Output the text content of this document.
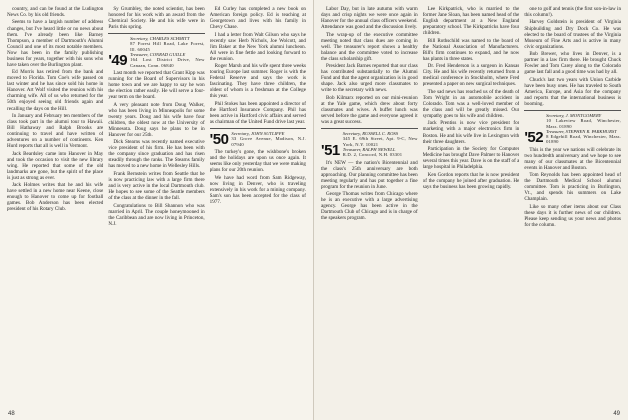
country, and can be found at the Ludington News Co. by his old friends.

Seems to have a largish number of address changes, but I've heard little or no news about them. I've already been like Barney Thompson, a member of Dartmouth's Alumni Council and one of its most notable members. Now has been in the family publishing business for years, together with his sons who have taken over the Burlington plant.

Ed Morris has retired from the bank and moved to Florida. Tom Coe's wife passed on last winter and he has since sold his home in Hanover. Art Wolf visited the reunion with his charming wife. All of us who returned for the 50th enjoyed seeing old friends again and recalling the days on the Hill.

In January and February ten members of the class took part in the alumni tour to Hawaii. Bill Hathaway and Ralph Brooks are continuing to travel and have written of adventures on a number of continents. Ken Hurd reports that all is well in Vermont.

Jack Beardsley came into Hanover in May and took the occasion to visit the new library wing. He reported that some of the old landmarks are gone, but the spirit of the place is just as strong as ever.

Jack Holmes writes that he and his wife have settled in a new home near Keene, close enough to Hanover to come up for football games. Bob Anderson has been elected president of his Rotary Club.

Sy Grumbley, the noted scientist, has been honored for his work with an award from the Chemical Society. He and his wife were in Paris this spring.

'49
Secretary, CHARLES SCHMITT
87 Forest Hill Road, Lake Forest, Ill. 60045
Treasurer, CONRAD GUILLE
164 Lost District Drive, New Canaan, Conn. 06840

Last month we reported that Grant Kipp was running for the Board of Supervisors in his home town and we are happy to say he won the election rather easily. He will serve a four-year term on the board.

A very pleasant note from Doug Walker, who has been living in Minneapolis for some twenty years. Doug and his wife have four children, the oldest now at the University of Minnesota. Doug says he plans to be in Hanover for our 25th.

Dick Stearns was recently named executive vice president of his firm. He has been with the company since graduation and has risen steadily through the ranks. The Stearns family has moved to a new home in Wellesley Hills.

Frank Bernstein writes from Seattle that he is now practicing law with a large firm there and is very active in the local Dartmouth club. He hopes to see some of the Seattle members of the class at the dinner in the fall.

Congratulations to Bill Shannon who was married in April. The couple honeymooned in the Caribbean and are now living in Princeton, N.J.

Ed Curley has completed a new book on American foreign policy. Ed is teaching at Georgetown and lives with his family in Chevy Chase.

I had a letter from Walt Gilson who says he recently saw Herb Nichols, Joe Wolcott, and Jim Baker at the New York alumni luncheon. All were in fine fettle and looking forward to the reunion.

Roger Marsh and his wife spent three weeks touring Europe last summer. Roger is with the Federal Reserve and says the work is fascinating. They have three children, the oldest of whom is a freshman at the College this year.

Phil Stokes has been appointed a director of the Hartford Insurance Company. Phil has been active in Hartford civic affairs and served as chairman of the United Fund drive last year.

'50 Secretary, JOHN SUTLIFFE
33 Grove Avenue, Madison, N.J. 07940

The turkey's gone, the wishbone's broken and the holidays are upon us once again. It seems like only yesterday that we were making plans for our 20th reunion.

We have had word from Sam Ridgeway, now living in Denver, who is traveling extensively in his work for a mining company. Sam's son has been accepted for the class of 1977.

48

Labor Day, but in late autumn with warm days and crisp nights we were once again in Hanover for the annual class officers weekend. Attendance was good and the discussion lively.

The wrap-up of the executive committee meeting noted that class dues are coming in well. The treasurer's report shows a healthy balance and the committee voted to increase the class scholarship gift.

President Jack Barnes reported that our class has contributed substantially to the Alumni Fund and that the agent organization is in good shape. Jack also urged more classmates to write to the secretary with news.

Bob Kilmarx reported on our mini-reunion at the Yale game, which drew about forty classmates and wives. A buffet lunch was served before the game and everyone agreed it was a great success.

'51
Secretary, RUSSELL C. ROSS
345 E. 69th Street, Apt. 9-C, New York, N.Y. 10021
Treasurer, RALPH NEWELL
R.D. 2, Concord, N.H. 03301

It's NEW — the nation's Bicentennial and the class's 25th anniversary are both approaching. Our planning committee has been meeting regularly and has put together a fine program for the reunion in June.

George Thomas writes from Chicago where he is an executive with a large advertising agency. George has been active in the Dartmouth Club of Chicago and is in charge of the speakers program.

Lee Kirkpatrick, who is married to the former Jane Sloan, has been named head of the English department at a New England preparatory school. The Kirkpatricks have four children.

Bill Rothschild was named to the board of the National Association of Manufacturers. Bill's firm continues to expand, and he now has plants in three states.

Dr. Fred Henderson is a surgeon in Kansas City. He and his wife recently returned from a medical conference in Stockholm, where Fred presented a paper on new surgical techniques.

The sad news has reached us of the death of Tom Wright in an automobile accident in Colorado. Tom was a well-loved member of the class and will be greatly missed. Our sympathy goes to his wife and children.

Jack Prentiss is now vice president for marketing with a major electronics firm in Boston. He and his wife live in Lexington with their three daughters.

Participation in the Society for Computer Medicine has brought Dave Palmer to Hanover several times this year. Dave is on the staff of a large hospital in Philadelphia.

Ken Gordon reports that he is now president of the company he joined after graduation. He says the business has been growing rapidly.

one to golf and tennis (the first son-in-law in this column!).

Harvey Goldstein is president of Virginia Shipbuilding and Dry Dock Co. He was elected to the board of trustees of the Virginia Museum of Fine Arts and is active in many civic organizations.

Bob Brewer, who lives in Denver, is a partner in a law firm there. He brought Chuck Fowler and Tom Carey along to the Colorado game last fall and a good time was had by all.

Chuck's last two years with Union Carbide have been busy ones. He has traveled to South America, Europe, and Asia for the company and reports that the international business is booming.

'52
Secretary, J. MONTGOMERY
10 Lakeview Road, Winchester, Mass. 01890
Treasurer, STEPHEN R. PARKHURST
8 Edgehill Road, Winchester, Mass. 01890

This is the year we nations will celebrate its two hundredth anniversary and we hope to see many of our classmates at the Bicentennial events in Hanover and Boston.

Tom Reynolds has been appointed head of the Dartmouth Medical School alumni committee. Tom is practicing in Burlington, Vt., and spends his summers on Lake Champlain.

Like so many other items about our Class these days it is further news of our children. Please keep sending us your news and photos for the column.

49
